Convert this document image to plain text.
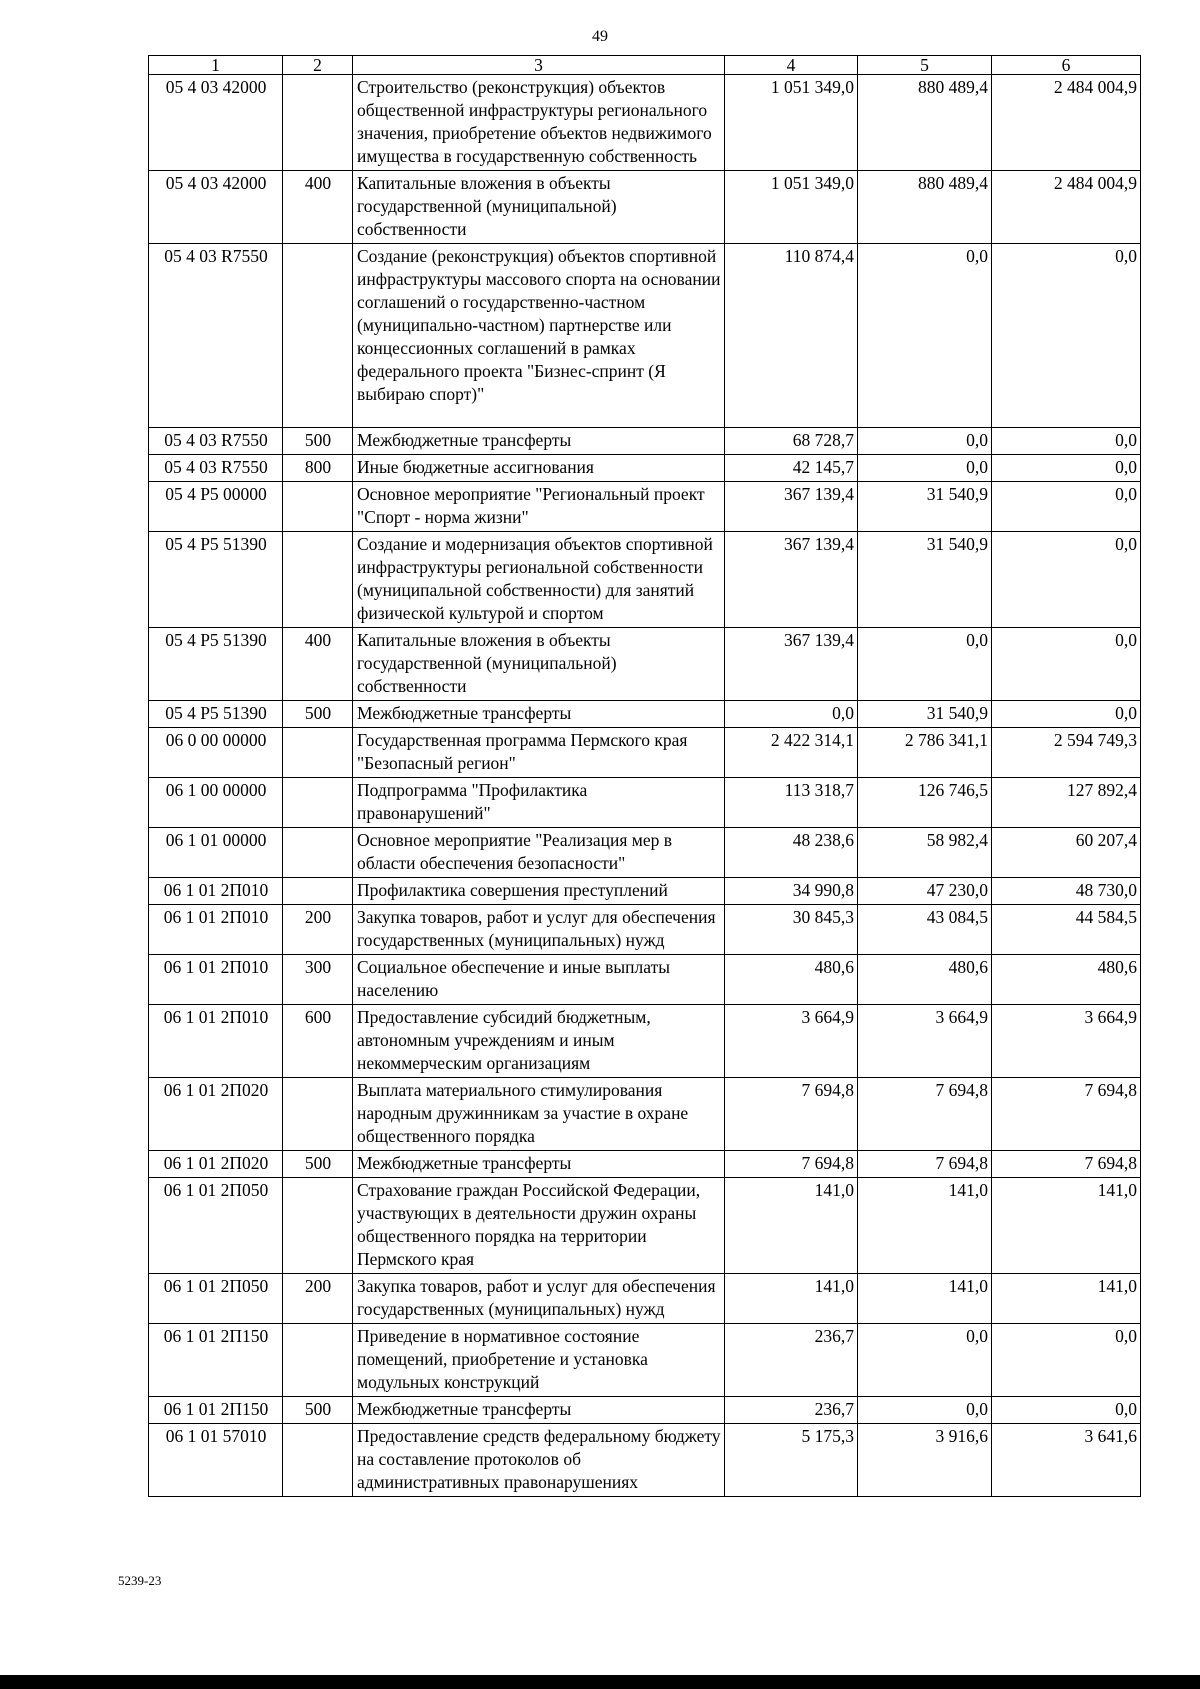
49
1	2	3	4	5	6
05 4 03 42000		Строительство (реконструкция) объектов общественной инфраструктуры регионального значения, приобретение объектов недвижимого имущества в государственную собственность	1 051 349,0	880 489,4	2 484 004,9
05 4 03 42000	400	Капитальные вложения в объекты государственной (муниципальной) собственности	1 051 349,0	880 489,4	2 484 004,9
05 4 03 R7550		Создание (реконструкция) объектов спортивной инфраструктуры массового спорта на основании соглашений о государственно-частном (муниципально-частном) партнерстве или концессионных соглашений в рамках федерального проекта "Бизнес-спринт (Я выбираю спорт)"	110 874,4	0,0	0,0
05 4 03 R7550	500	Межбюджетные трансферты	68 728,7	0,0	0,0
05 4 03 R7550	800	Иные бюджетные ассигнования	42 145,7	0,0	0,0
05 4 P5 00000		Основное мероприятие "Региональный проект "Спорт - норма жизни"	367 139,4	31 540,9	0,0
05 4 P5 51390		Создание и модернизация объектов спортивной инфраструктуры региональной собственности (муниципальной собственности) для занятий физической культурой и спортом	367 139,4	31 540,9	0,0
05 4 P5 51390	400	Капитальные вложения в объекты государственной (муниципальной) собственности	367 139,4	0,0	0,0
05 4 P5 51390	500	Межбюджетные трансферты	0,0	31 540,9	0,0
06 0 00 00000		Государственная программа Пермского края "Безопасный регион"	2 422 314,1	2 786 341,1	2 594 749,3
06 1 00 00000		Подпрограмма "Профилактика правонарушений"	113 318,7	126 746,5	127 892,4
06 1 01 00000		Основное мероприятие "Реализация мер в области обеспечения безопасности"	48 238,6	58 982,4	60 207,4
06 1 01 2П010		Профилактика совершения преступлений	34 990,8	47 230,0	48 730,0
06 1 01 2П010	200	Закупка товаров, работ и услуг для обеспечения государственных (муниципальных) нужд	30 845,3	43 084,5	44 584,5
06 1 01 2П010	300	Социальное обеспечение и иные выплаты населению	480,6	480,6	480,6
06 1 01 2П010	600	Предоставление субсидий бюджетным, автономным учреждениям и иным некоммерческим организациям	3 664,9	3 664,9	3 664,9
06 1 01 2П020		Выплата материального стимулирования народным дружинникам за участие в охране общественного порядка	7 694,8	7 694,8	7 694,8
06 1 01 2П020	500	Межбюджетные трансферты	7 694,8	7 694,8	7 694,8
06 1 01 2П050		Страхование граждан Российской Федерации, участвующих в деятельности дружин охраны общественного порядка на территории Пермского края	141,0	141,0	141,0
06 1 01 2П050	200	Закупка товаров, работ и услуг для обеспечения государственных (муниципальных) нужд	141,0	141,0	141,0
06 1 01 2П150		Приведение в нормативное состояние помещений, приобретение и установка модульных конструкций	236,7	0,0	0,0
06 1 01 2П150	500	Межбюджетные трансферты	236,7	0,0	0,0
06 1 01 57010		Предоставление средств федеральному бюджету на составление протоколов об административных правонарушениях	5 175,3	3 916,6	3 641,6
5239-23
